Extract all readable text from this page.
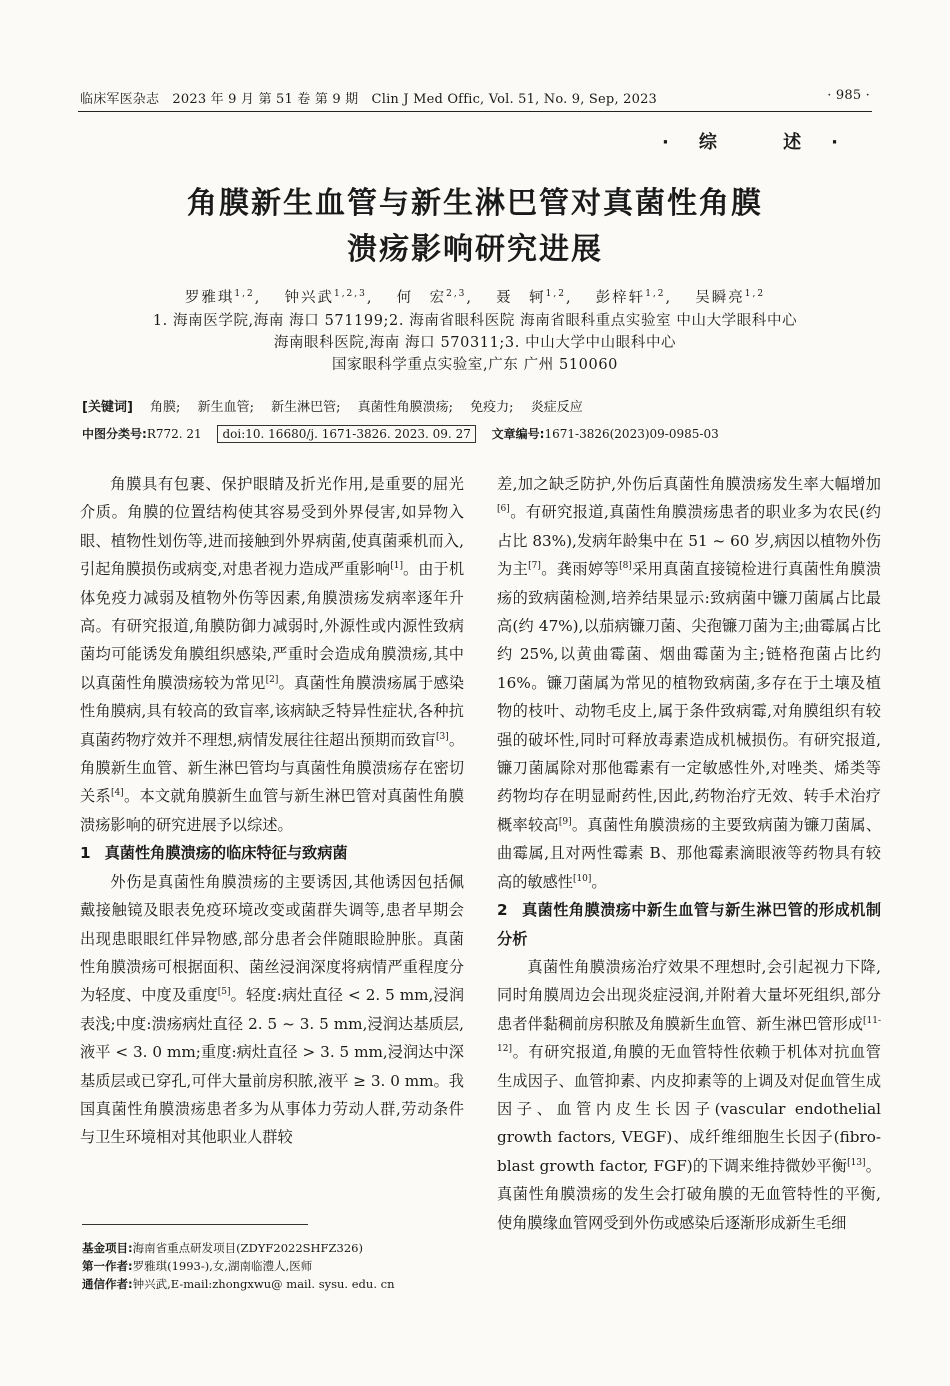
临床军医杂志　2023 年 9 月 第 51 卷 第 9 期　Clin J Med Offic, Vol. 51, No. 9, Sep, 2023	· 985 ·
·综 述·
角膜新生血管与新生淋巴管对真菌性角膜
溃疡影响研究进展
罗雅琪$^{1,2}$,　 钟兴武$^{1,2,3}$,　 何　宏$^{2,3}$,　 聂　轲$^{1,2}$,　 彭梓轩$^{1,2}$,　 吴瞬亮$^{1,2}$
1. 海南医学院,海南 海口 571199;2. 海南省眼科医院 海南省眼科重点实验室 中山大学眼科中心
海南眼科医院,海南 海口 570311;3. 中山大学中山眼科中心
国家眼科学重点实验室,广东 广州 510060
[关键词]　 角膜;　 新生血管;　 新生淋巴管;　 真菌性角膜溃疡;　 免疫力;　 炎症反应
中图分类号:R772. 21　 doi:10. 16680/j. 1671-3826. 2023. 09. 27　 文章编号:1671-3826(2023)09-0985-03

角膜具有包裹、保护眼睛及折光作用,是重要的屈光介质。角膜的位置结构使其容易受到外界侵害,如异物入眼、植物性划伤等,进而接触到外界病菌,使真菌乘机而入,引起角膜损伤或病变,对患者视力造成严重影响[1]。由于机体免疫力减弱及植物外伤等因素,角膜溃疡发病率逐年升高。有研究报道,角膜防御力减弱时,外源性或内源性致病菌均可能诱发角膜组织感染,严重时会造成角膜溃疡,其中以真菌性角膜溃疡较为常见[2]。真菌性角膜溃疡属于感染性角膜病,具有较高的致盲率,该病缺乏特异性症状,各种抗真菌药物疗效并不理想,病情发展往往超出预期而致盲[3]。角膜新生血管、新生淋巴管均与真菌性角膜溃疡存在密切关系[4]。本文就角膜新生血管与新生淋巴管对真菌性角膜溃疡影响的研究进展予以综述。

1 真菌性角膜溃疡的临床特征与致病菌

外伤是真菌性角膜溃疡的主要诱因,其他诱因包括佩戴接触镜及眼表免疫环境改变或菌群失调等,患者早期会出现患眼眼红伴异物感,部分患者会伴随眼睑肿胀。真菌性角膜溃疡可根据面积、菌丝浸润深度将病情严重程度分为轻度、中度及重度[5]。轻度:病灶直径 < 2. 5 mm,浸润表浅;中度:溃疡病灶直径 2. 5 ~ 3. 5 mm,浸润达基质层,液平 < 3. 0 mm;重度:病灶直径 > 3. 5 mm,浸润达中深基质层或已穿孔,可伴大量前房积脓,液平 ≥ 3. 0 mm。我国真菌性角膜溃疡患者多为从事体力劳动人群,劳动条件与卫生环境相对其他职业人群较

差,加之缺乏防护,外伤后真菌性角膜溃疡发生率大幅增加[6]。有研究报道,真菌性角膜溃疡患者的职业多为农民(约占比 83%),发病年龄集中在 51 ~ 60 岁,病因以植物外伤为主[7]。龚雨婷等[8]采用真菌直接镜检进行真菌性角膜溃疡的致病菌检测,培养结果显示:致病菌中镰刀菌属占比最高(约 47%),以茄病镰刀菌、尖孢镰刀菌为主;曲霉属占比约 25%,以黄曲霉菌、烟曲霉菌为主;链格孢菌占比约 16%。镰刀菌属为常见的植物致病菌,多存在于土壤及植物的枝叶、动物毛皮上,属于条件致病霉,对角膜组织有较强的破坏性,同时可释放毒素造成机械损伤。有研究报道,镰刀菌属除对那他霉素有一定敏感性外,对唑类、烯类等药物均存在明显耐药性,因此,药物治疗无效、转手术治疗概率较高[9]。真菌性角膜溃疡的主要致病菌为镰刀菌属、曲霉属,且对两性霉素 B、那他霉素滴眼液等药物具有较高的敏感性[10]。

2 真菌性角膜溃疡中新生血管与新生淋巴管的形成机制分析

真菌性角膜溃疡治疗效果不理想时,会引起视力下降,同时角膜周边会出现炎症浸润,并附着大量坏死组织,部分患者伴黏稠前房积脓及角膜新生血管、新生淋巴管形成[11-12]。有研究报道,角膜的无血管特性依赖于机体对抗血管生成因子、血管抑素、内皮抑素等的上调及对促血管生成因子、血管内皮生长因子(vascular endothelial growth factors, VEGF)、成纤维细胞生长因子(fibro-blast growth factor, FGF)的下调来维持微妙平衡[13]。真菌性角膜溃疡的发生会打破角膜的无血管特性的平衡,使角膜缘血管网受到外伤或感染后逐渐形成新生毛细

基金项目:海南省重点研发项目(ZDYF2022SHFZ326)
第一作者:罗雅琪(1993-),女,湖南临澧人,医师
通信作者:钟兴武,E-mail:zhongxwu@ mail. sysu. edu. cn
